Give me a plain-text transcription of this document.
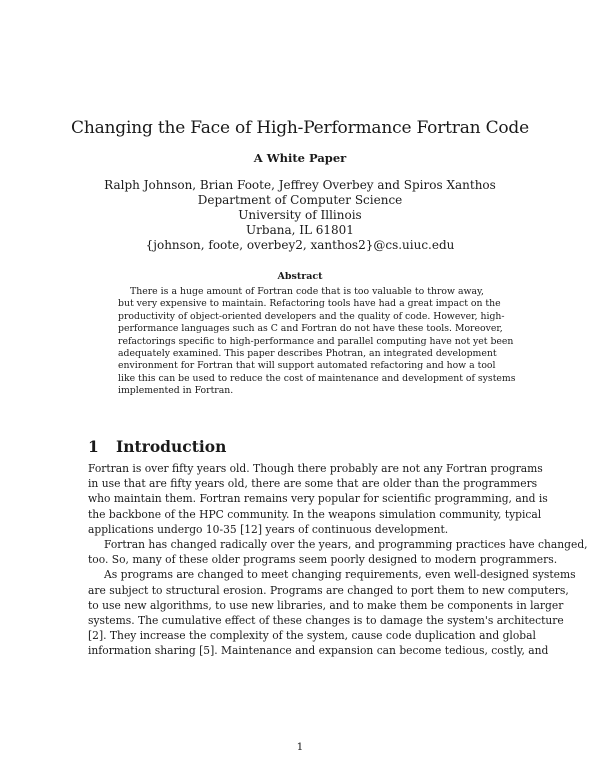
Changing the Face of High-Performance Fortran Code
A White Paper
Ralph Johnson, Brian Foote, Jeffrey Overbey and Spiros Xanthos
Department of Computer Science
University of Illinois
Urbana, IL 61801
{johnson, foote, overbey2, xanthos2}@cs.uiuc.edu
Abstract
There is a huge amount of Fortran code that is too valuable to throw away,
but very expensive to maintain. Refactoring tools have had a great impact on the
productivity of object-oriented developers and the quality of code. However, high-
performance languages such as C and Fortran do not have these tools. Moreover,
refactorings specific to high-performance and parallel computing have not yet been
adequately examined. This paper describes Photran, an integrated development
environment for Fortran that will support automated refactoring and how a tool
like this can be used to reduce the cost of maintenance and development of systems
implemented in Fortran.
1 Introduction
Fortran is over fifty years old. Though there probably are not any Fortran programs
in use that are fifty years old, there are some that are older than the programmers
who maintain them. Fortran remains very popular for scientific programming, and is
the backbone of the HPC community. In the weapons simulation community, typical
applications undergo 10-35 [12] years of continuous development.
Fortran has changed radically over the years, and programming practices have changed,
too. So, many of these older programs seem poorly designed to modern programmers.
As programs are changed to meet changing requirements, even well-designed systems
are subject to structural erosion. Programs are changed to port them to new computers,
to use new algorithms, to use new libraries, and to make them be components in larger
systems. The cumulative effect of these changes is to damage the system's architecture
[2]. They increase the complexity of the system, cause code duplication and global
information sharing [5]. Maintenance and expansion can become tedious, costly, and
1
